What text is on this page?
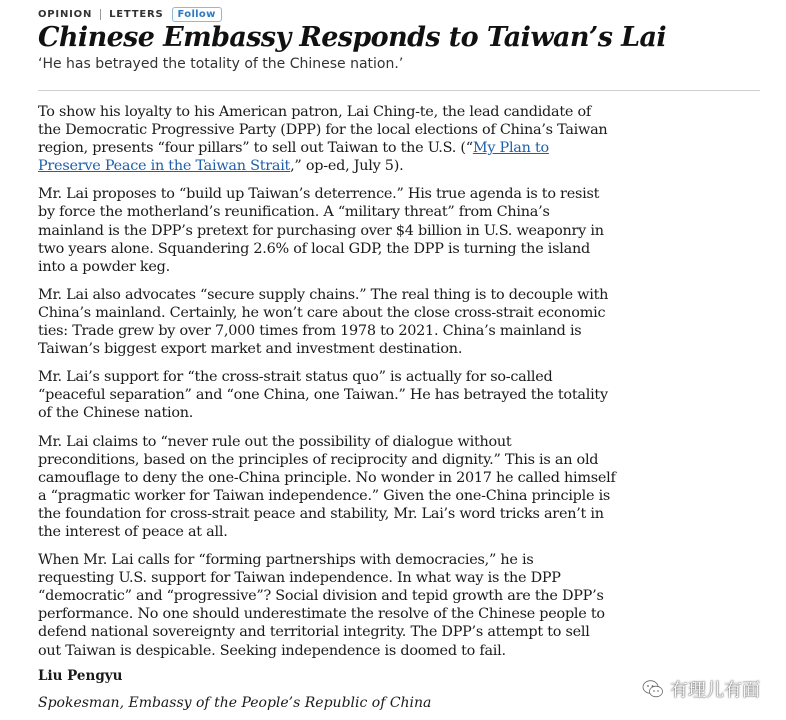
OPINION LETTERS	Follow
Chinese Embassy Responds to Taiwan’s Lai
‘He has betrayed the totality of the Chinese nation.’

To show his loyalty to his American patron, Lai Ching-te, the lead candidate of
the Democratic Progressive Party (DPP) for the local elections of China’s Taiwan
region, presents “four pillars” to sell out Taiwan to the U.S. (“My Plan to
Preserve Peace in the Taiwan Strait,” op-ed, July 5).

Mr. Lai proposes to “build up Taiwan’s deterrence.” His true agenda is to resist
by force the motherland’s reunification. A “military threat” from China’s
mainland is the DPP’s pretext for purchasing over $4 billion in U.S. weaponry in
two years alone. Squandering 2.6% of local GDP, the DPP is turning the island
into a powder keg.

Mr. Lai also advocates “secure supply chains.” The real thing is to decouple with
China’s mainland. Certainly, he won’t care about the close cross-strait economic
ties: Trade grew by over 7,000 times from 1978 to 2021. China’s mainland is
Taiwan’s biggest export market and investment destination.

Mr. Lai’s support for “the cross-strait status quo” is actually for so-called
“peaceful separation” and “one China, one Taiwan.” He has betrayed the totality
of the Chinese nation.

Mr. Lai claims to “never rule out the possibility of dialogue without
preconditions, based on the principles of reciprocity and dignity.” This is an old
camouflage to deny the one-China principle. No wonder in 2017 he called himself
a “pragmatic worker for Taiwan independence.” Given the one-China principle is
the foundation for cross-strait peace and stability, Mr. Lai’s word tricks aren’t in
the interest of peace at all.

When Mr. Lai calls for “forming partnerships with democracies,” he is
requesting U.S. support for Taiwan independence. In what way is the DPP
“democratic” and “progressive”? Social division and tepid growth are the DPP’s
performance. No one should underestimate the resolve of the Chinese people to
defend national sovereignty and territorial integrity. The DPP’s attempt to sell
out Taiwan is despicable. Seeking independence is doomed to fail.

Liu Pengyu
Spokesman, Embassy of the People’s Republic of China
有理儿有面
